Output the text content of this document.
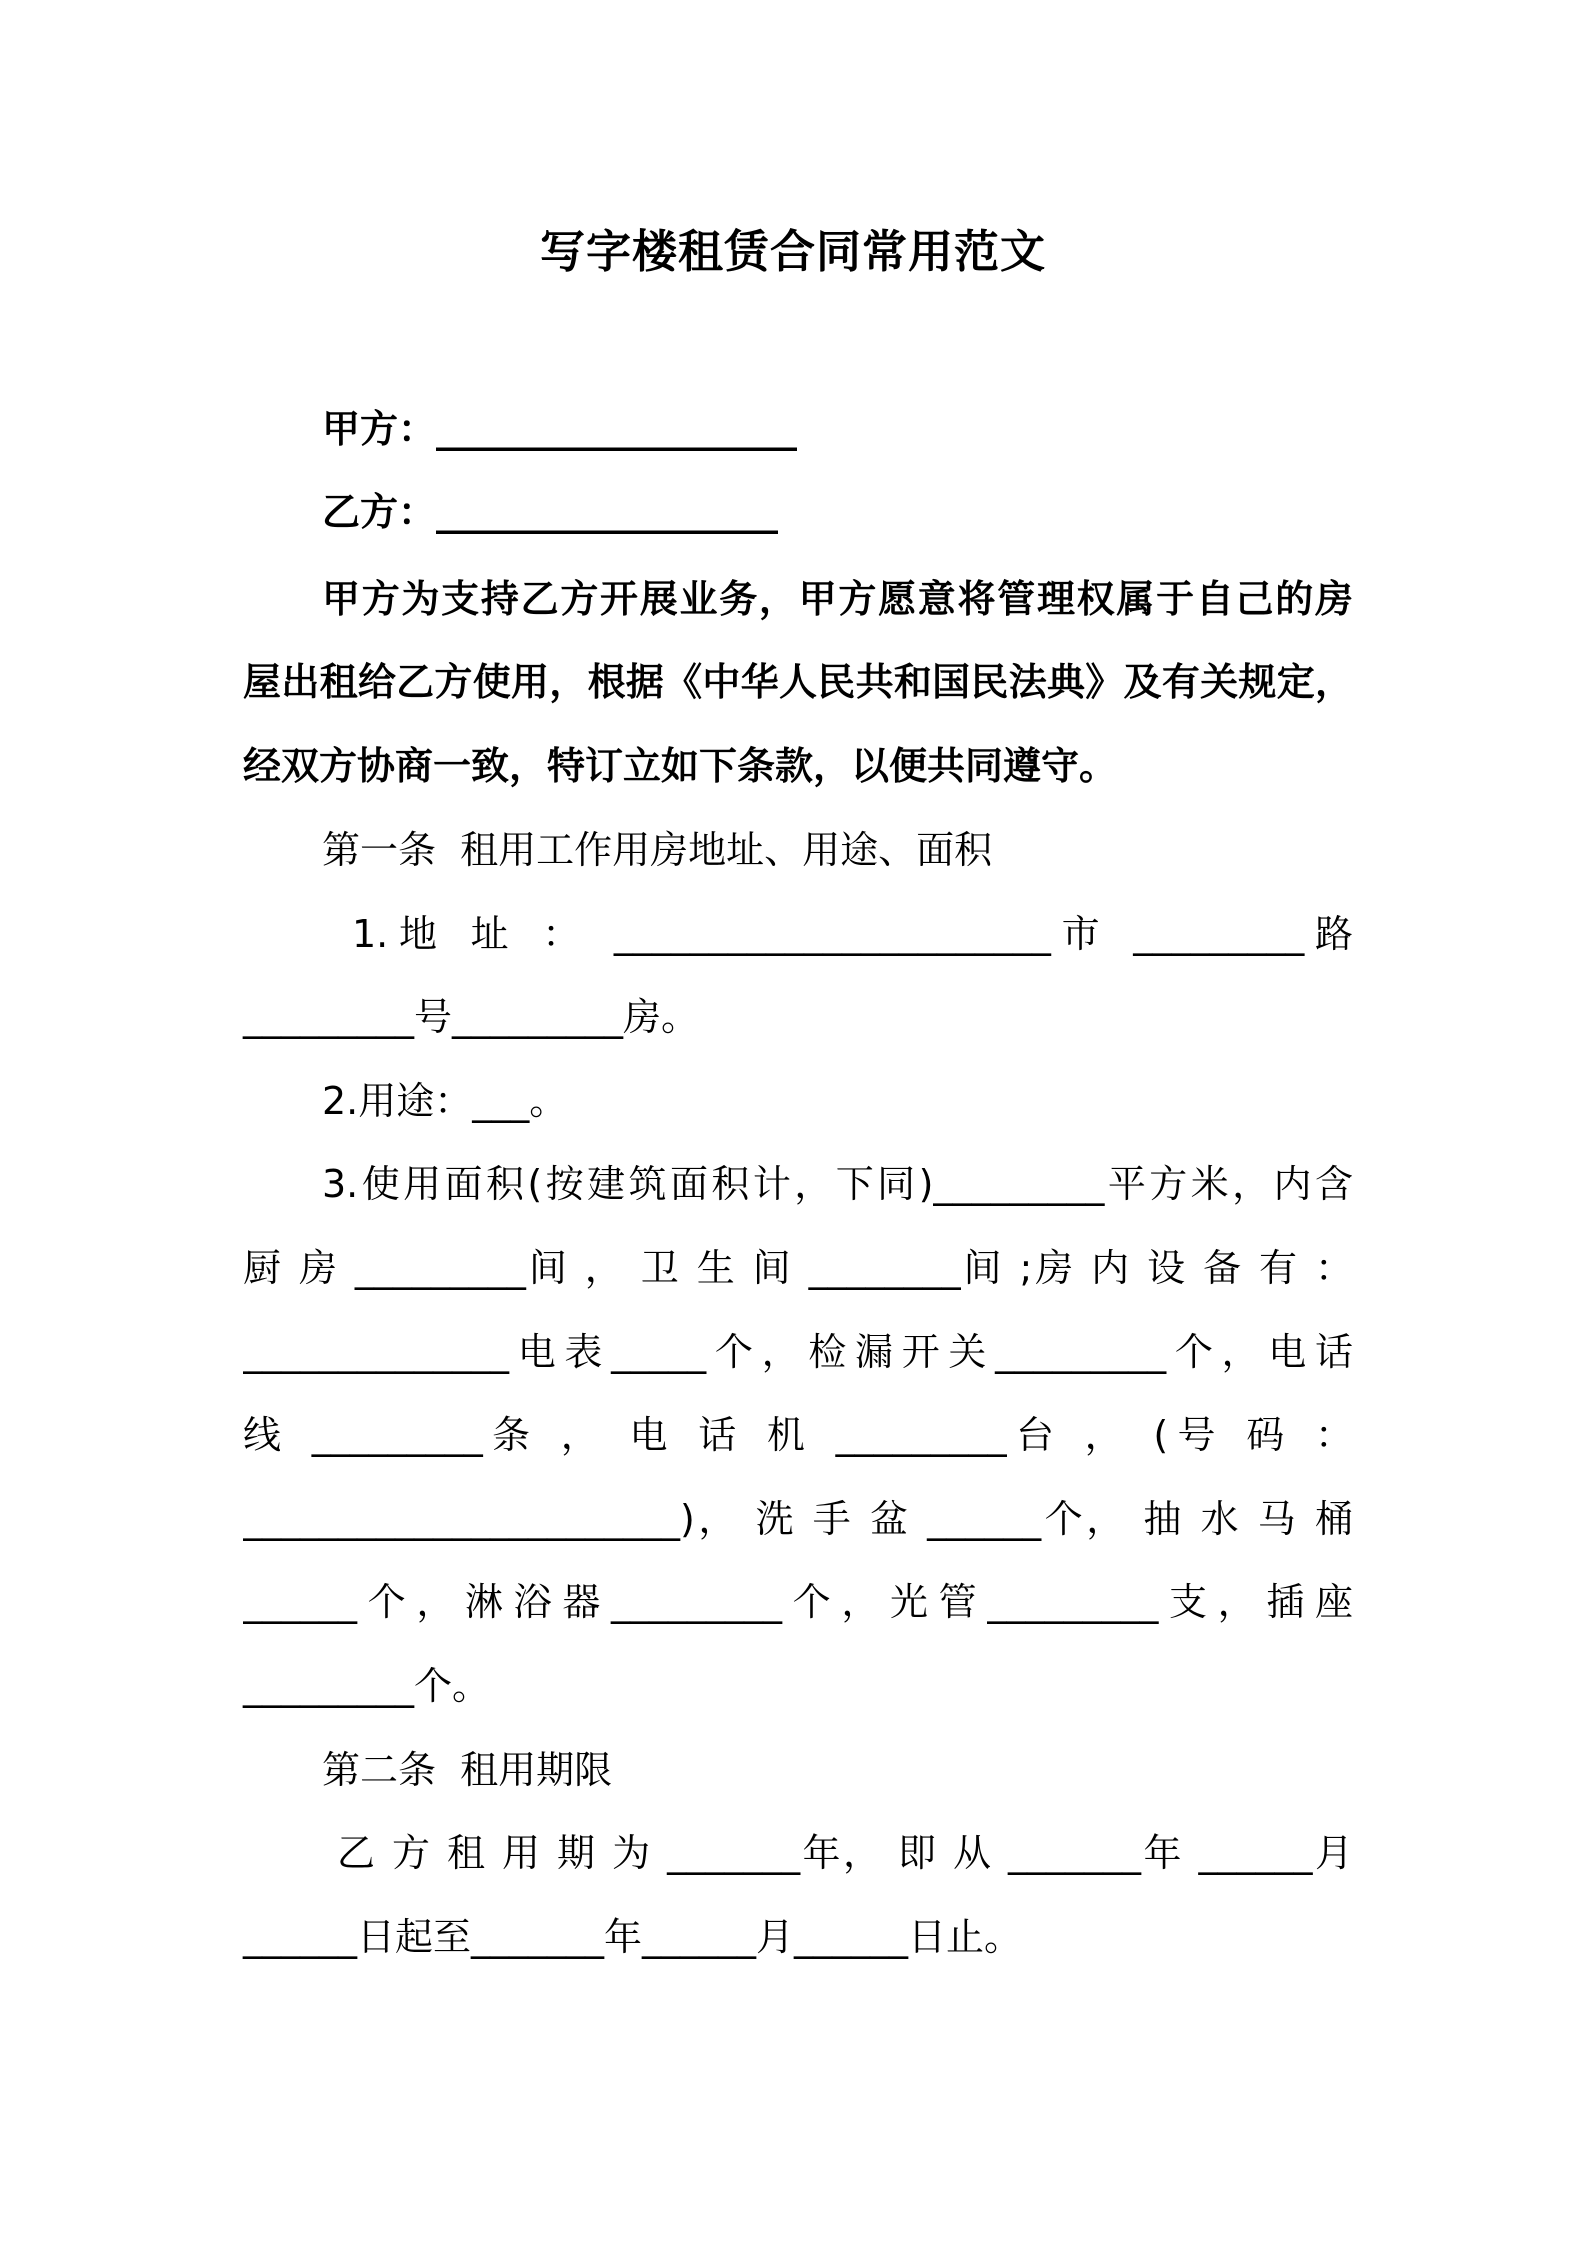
写字楼租赁合同常用范文
甲方：___________________
乙方：__________________
甲方为支持乙方开展业务，甲方愿意将管理权属于自己的房
屋出租给乙方使用，根据《中华人民共和国民法典》及有关规定，
经双方协商一致，特订立如下条款，以便共同遵守。
第一条  租用工作用房地址、用途、面积
1.地 址 ： _______________________市 _________路
_________号_________房。
2.用途：___。
3.使用面积(按建筑面积计，下同)_________平方米，内含
厨 房 _________间 ， 卫 生 间 ________间 ;房 内 设 备 有 ：
______________电表_____个，检漏开关_________个，电话
线 _________条 ， 电 话 机 _________台 ， (号 码 ：
_______________________)， 洗 手 盆 ______个， 抽 水 马 桶
______个，淋浴器_________个，光管_________支，插座
_________个。
第二条  租用期限
乙 方 租 用 期 为 _______年， 即 从 _______年 ______月
______日起至_______年______月______日止。
